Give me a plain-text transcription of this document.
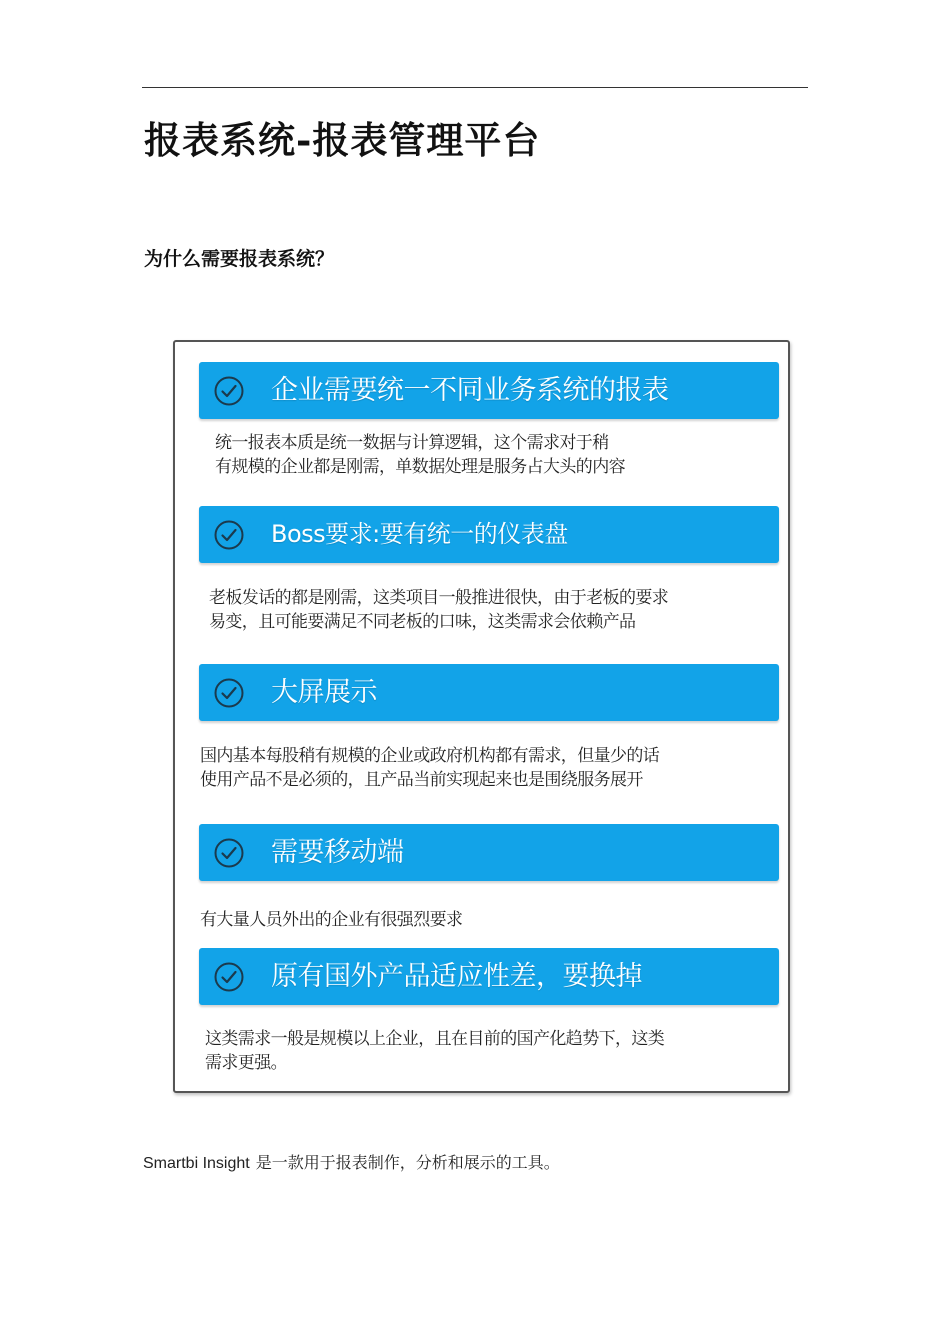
报表系统-报表管理平台
为什么需要报表系统？
企业需要统一不同业务系统的报表
统一报表本质是统一数据与计算逻辑，这个需求对于稍
有规模的企业都是刚需，单数据处理是服务占大头的内容
Boss要求:要有统一的仪表盘
老板发话的都是刚需，这类项目一般推进很快，由于老板的要求
易变，且可能要满足不同老板的口味，这类需求会依赖产品
大屏展示
国内基本每股稍有规模的企业或政府机构都有需求，但量少的话
使用产品不是必须的，且产品当前实现起来也是围绕服务展开
需要移动端
有大量人员外出的企业有很强烈要求
原有国外产品适应性差，要换掉
这类需求一般是规模以上企业，且在目前的国产化趋势下，这类
需求更强。
Smartbi Insight 是一款用于报表制作，分析和展示的工具。
